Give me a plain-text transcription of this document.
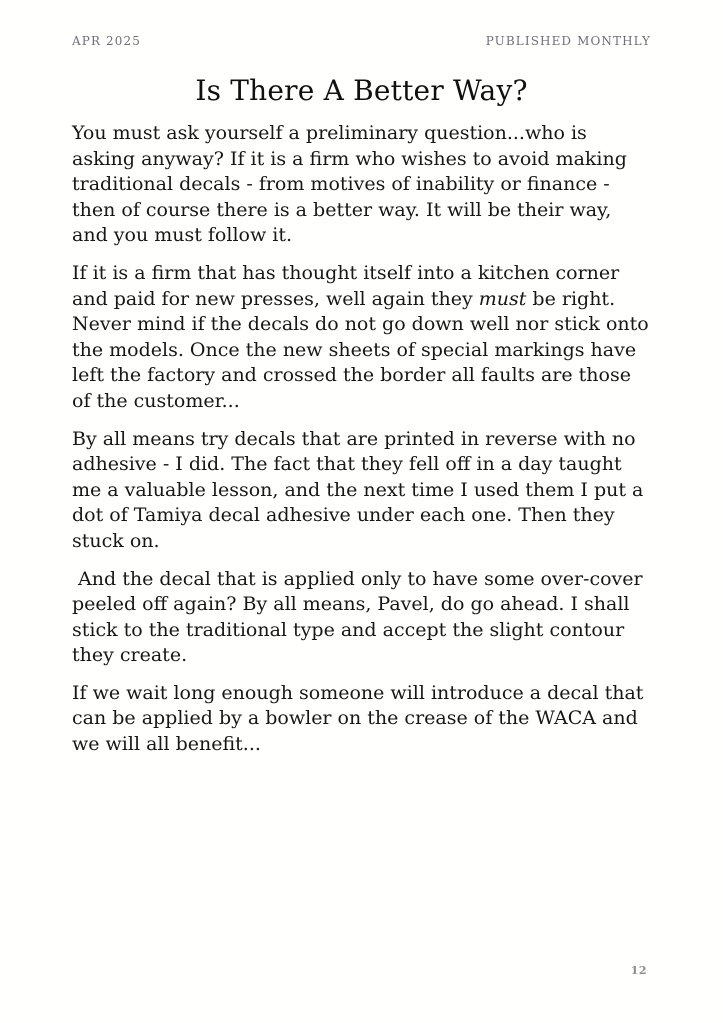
APR 2025	PUBLISHED MONTHLY
Is There A Better Way?

You must ask yourself a preliminary question...who is asking anyway? If it is a firm who wishes to avoid making traditional decals - from motives of inability or finance - then of course there is a better way. It will be their way, and you must follow it.

If it is a firm that has thought itself into a kitchen corner and paid for new presses, well again they must be right. Never mind if the decals do not go down well nor stick onto the models. Once the new sheets of special markings have left the factory and crossed the border all faults are those of the customer...

By all means try decals that are printed in reverse with no adhesive - I did. The fact that they fell off in a day taught me a valuable lesson, and the next time I used them I put a dot of Tamiya decal adhesive under each one. Then they stuck on.

And the decal that is applied only to have some over-cover peeled off again? By all means, Pavel, do go ahead. I shall stick to the traditional type and accept the slight contour they create.

If we wait long enough someone will introduce a decal that can be applied by a bowler on the crease of the WACA and we will all benefit...

12
